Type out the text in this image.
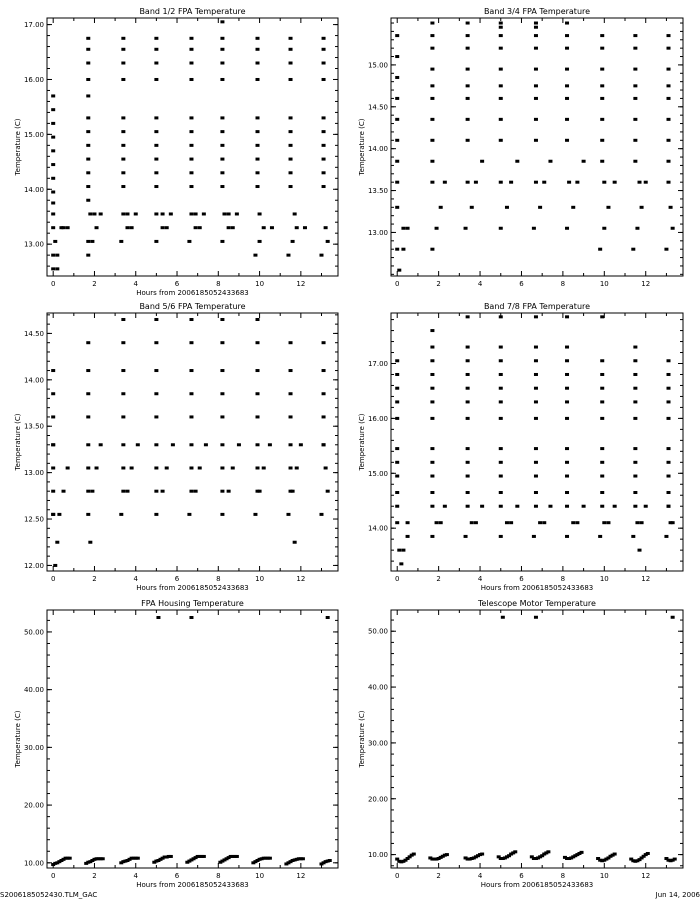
Band 1/2 FPA Temperature
0	2	4	6	8	10	12
13.00
14.00
15.00
16.00
17.00
Hours from 2006185052433683
Temperature (C)
Band 3/4 FPA Temperature
0	2	4	6	8	10	12
13.00
13.50
14.00
14.50
15.00
Temperature (C)
Band 5/6 FPA Temperature
0	2	4	6	8	10	12
12.00
12.50
13.00
13.50
14.00
14.50
Hours from 2006185052433683
Temperature (C)
Band 7/8 FPA Temperature
0	2	4	6	8	10	12
14.00
15.00
16.00
17.00
Hours from 2006185052433683
Temperature (C)
FPA Housing Temperature
0	2	4	6	8	10	12
10.00
20.00
30.00
40.00
50.00
Hours from 2006185052433683
Temperature (C)
Telescope Motor Temperature
0	2	4	6	8	10	12
10.00
20.00
30.00
40.00
50.00
Hours from 2006185052433683
Temperature (C)
S2006185052430.TLM_GAC	Jun 14, 2006
